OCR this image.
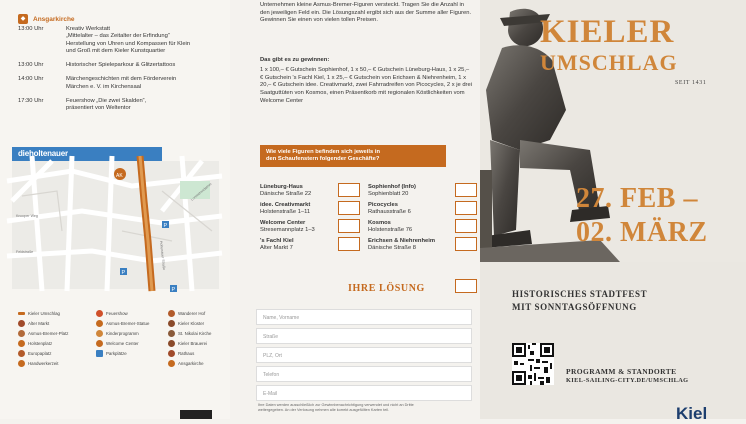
◆	Ansgarkirche
13:00 Uhr	Kreativ Werkstatt
„Mittelalter – das Zeitalter der Erfindung“
Herstellung von Uhren und Kompassen für Klein
und Groß mit dem Kieler Kunstquartier
13:00 Uhr	Historischer Spieleparkour & Glitzertattoos
14:00 Uhr	Märchengeschichten mit dem Förderverein
Märchen e. V. im Kirchensaal
17:30 Uhr	Feuershow „Die zwei Skalden“,
präsentiert von Weltentor
dieholtenauer
AK
P
P
P
Holtenauer Straße
Knooper Weg
Lorentzendamm
Feldstraße
Kieler Umschlag	Feuershow	Wanderer Hof
Alter Markt	Asmus-Bremer-Statue	Kieler Kloster
Asmus-Bremer-Platz	Kinderprogramm	St. Nikolai Kirche
Holstenplatz	Welcome Center	Kieler Brauerei
Europaplatz	Parkplätze	Rathaus
Handwerkerzeit	Ansgarkirche
Unternehmen kleine Asmus-Bremer-Figuren versteckt. Tragen Sie die Anzahl in den jeweiligen Feld ein. Die Lösungszahl ergibt sich aus der Summe aller Figuren. Gewinnen Sie einen von vielen tollen Preisen.
Das gibt es zu gewinnen:
1 x 100,– € Gutschein Sophienhof, 1 x 50,– € Gutschein Lüneburg-Haus, 1 x 25,– € Gutschein 's Fachl Kiel, 1 x 25,– € Gutschein von Erichsen & Niehrenheim, 1 x 20,– € Gutschein idee. Creativmarkt, zwei Fahrradreifen von Picocycles, 2 x je drei Saatguttüten von Kosmos, einen Präsentkorb mit regionalen Köstlichkeiten vom Welcome Center
Wie viele Figuren befinden sich jeweils in
den Schaufenstern folgender Geschäfte?
Lüneburg-Haus
Dänische Straße 22
idee. Creativmarkt
Holstenstraße 1–11
Welcome Center
Stresemannplatz 1–3
's Fachl Kiel
Alter Markt 7
Sophienhof (Info)
Sophienblatt 20
Picocycles
Rathausstraße 6
Kosmos
Holstenstraße 76
Erichsen & Niehrenheim
Dänische Straße 8
IHRE LÖSUNG
Name, Vorname
Straße
PLZ, Ort
Telefon
E-Mail
Ihre Daten werden ausschließlich zur Gewinnbenachrichtigung verwendet und nicht an Dritte
weitergegeben. An der Verlosung nehmen alle korrekt ausgefüllten Karten teil.
KIELER
UMSCHLAG
SEIT 1431
27. FEB –
02. MÄRZ
HISTORISCHES STADTFEST
MIT SONNTAGSÖFFNUNG
PROGRAMM & STANDORTE
KIEL-SAILING-CITY.DE/UMSCHLAG
Kiel
